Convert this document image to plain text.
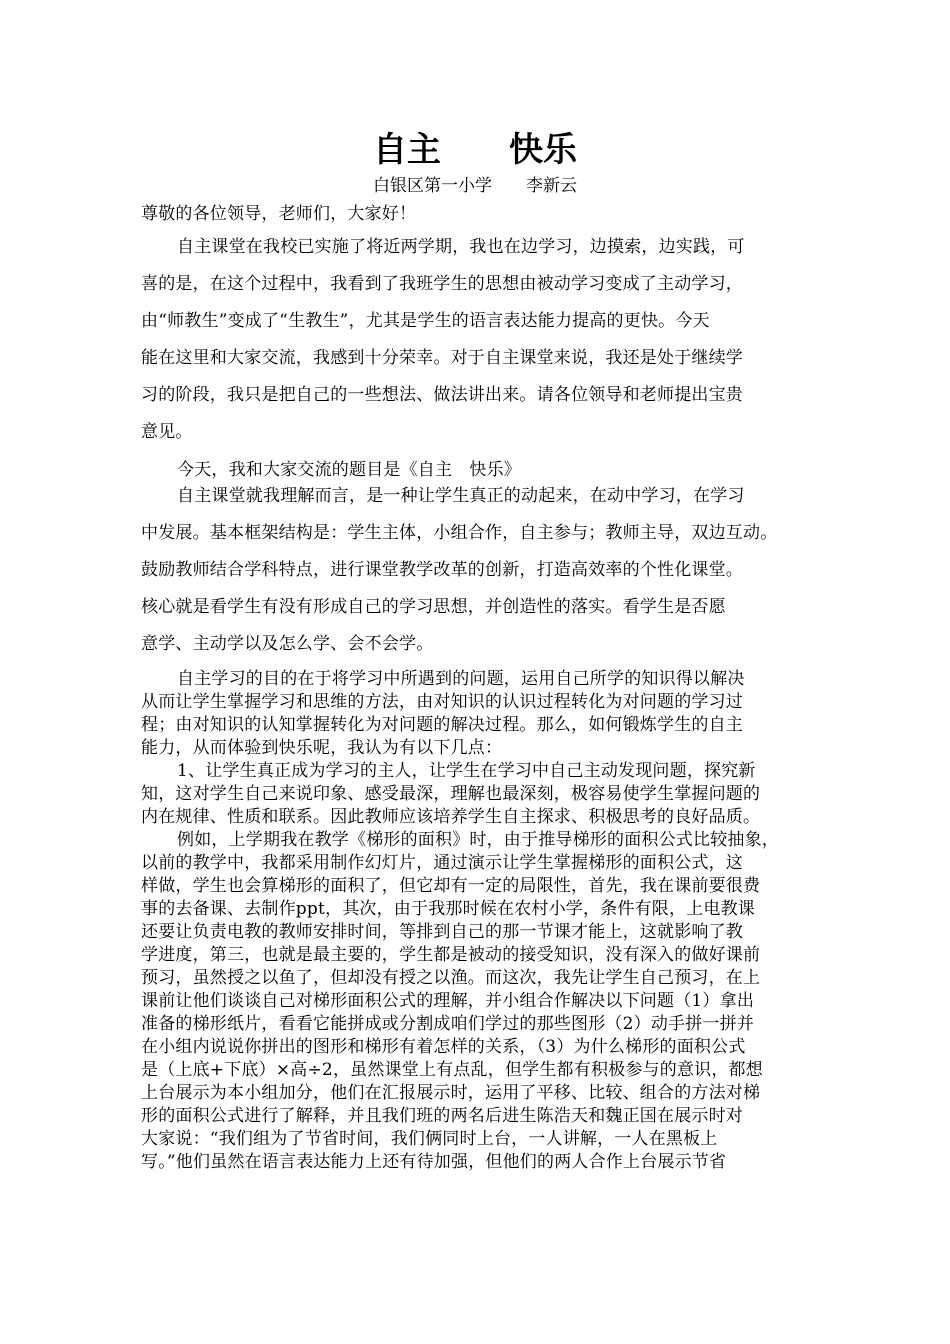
自主 快乐
白银区第一小学 李新云
尊敬的各位领导，老师们，大家好！
自主课堂在我校已实施了将近两学期，我也在边学习，边摸索，边实践，可
喜的是，在这个过程中，我看到了我班学生的思想由被动学习变成了主动学习，
由“师教生”变成了“生教生”，尤其是学生的语言表达能力提高的更快。今天
能在这里和大家交流，我感到十分荣幸。对于自主课堂来说，我还是处于继续学
习的阶段，我只是把自己的一些想法、做法讲出来。请各位领导和老师提出宝贵
意见。
今天，我和大家交流的题目是《自主　快乐》
自主课堂就我理解而言，是一种让学生真正的动起来，在动中学习，在学习
中发展。基本框架结构是：学生主体，小组合作，自主参与；教师主导，双边互动。
鼓励教师结合学科特点，进行课堂教学改革的创新，打造高效率的个性化课堂。
核心就是看学生有没有形成自己的学习思想，并创造性的落实。看学生是否愿
意学、主动学以及怎么学、会不会学。
自主学习的目的在于将学习中所遇到的问题，运用自己所学的知识得以解决
从而让学生掌握学习和思维的方法，由对知识的认识过程转化为对问题的学习过
程；由对知识的认知掌握转化为对问题的解决过程。那么，如何锻炼学生的自主
能力，从而体验到快乐呢，我认为有以下几点：
1、让学生真正成为学习的主人，让学生在学习中自己主动发现问题，探究新
知，这对学生自己来说印象、感受最深，理解也最深刻，极容易使学生掌握问题的
内在规律、性质和联系。因此教师应该培养学生自主探求、积极思考的良好品质。
例如，上学期我在教学《梯形的面积》时，由于推导梯形的面积公式比较抽象，
以前的教学中，我都采用制作幻灯片，通过演示让学生掌握梯形的面积公式，这
样做，学生也会算梯形的面积了，但它却有一定的局限性，首先，我在课前要很费
事的去备课、去制作ppt，其次，由于我那时候在农村小学，条件有限，上电教课
还要让负责电教的教师安排时间，等排到自己的那一节课才能上，这就影响了教
学进度，第三，也就是最主要的，学生都是被动的接受知识，没有深入的做好课前
预习，虽然授之以鱼了，但却没有授之以渔。而这次，我先让学生自己预习，在上
课前让他们谈谈自己对梯形面积公式的理解，并小组合作解决以下问题（1）拿出
准备的梯形纸片，看看它能拼成或分割成咱们学过的那些图形（2）动手拼一拼并
在小组内说说你拼出的图形和梯形有着怎样的关系，（3）为什么梯形的面积公式
是（上底+下底）×高÷2，虽然课堂上有点乱，但学生都有积极参与的意识，都想
上台展示为本小组加分，他们在汇报展示时，运用了平移、比较、组合的方法对梯
形的面积公式进行了解释，并且我们班的两名后进生陈浩天和魏正国在展示时对
大家说：“我们组为了节省时间，我们俩同时上台，一人讲解，一人在黑板上
写。”他们虽然在语言表达能力上还有待加强，但他们的两人合作上台展示节省
